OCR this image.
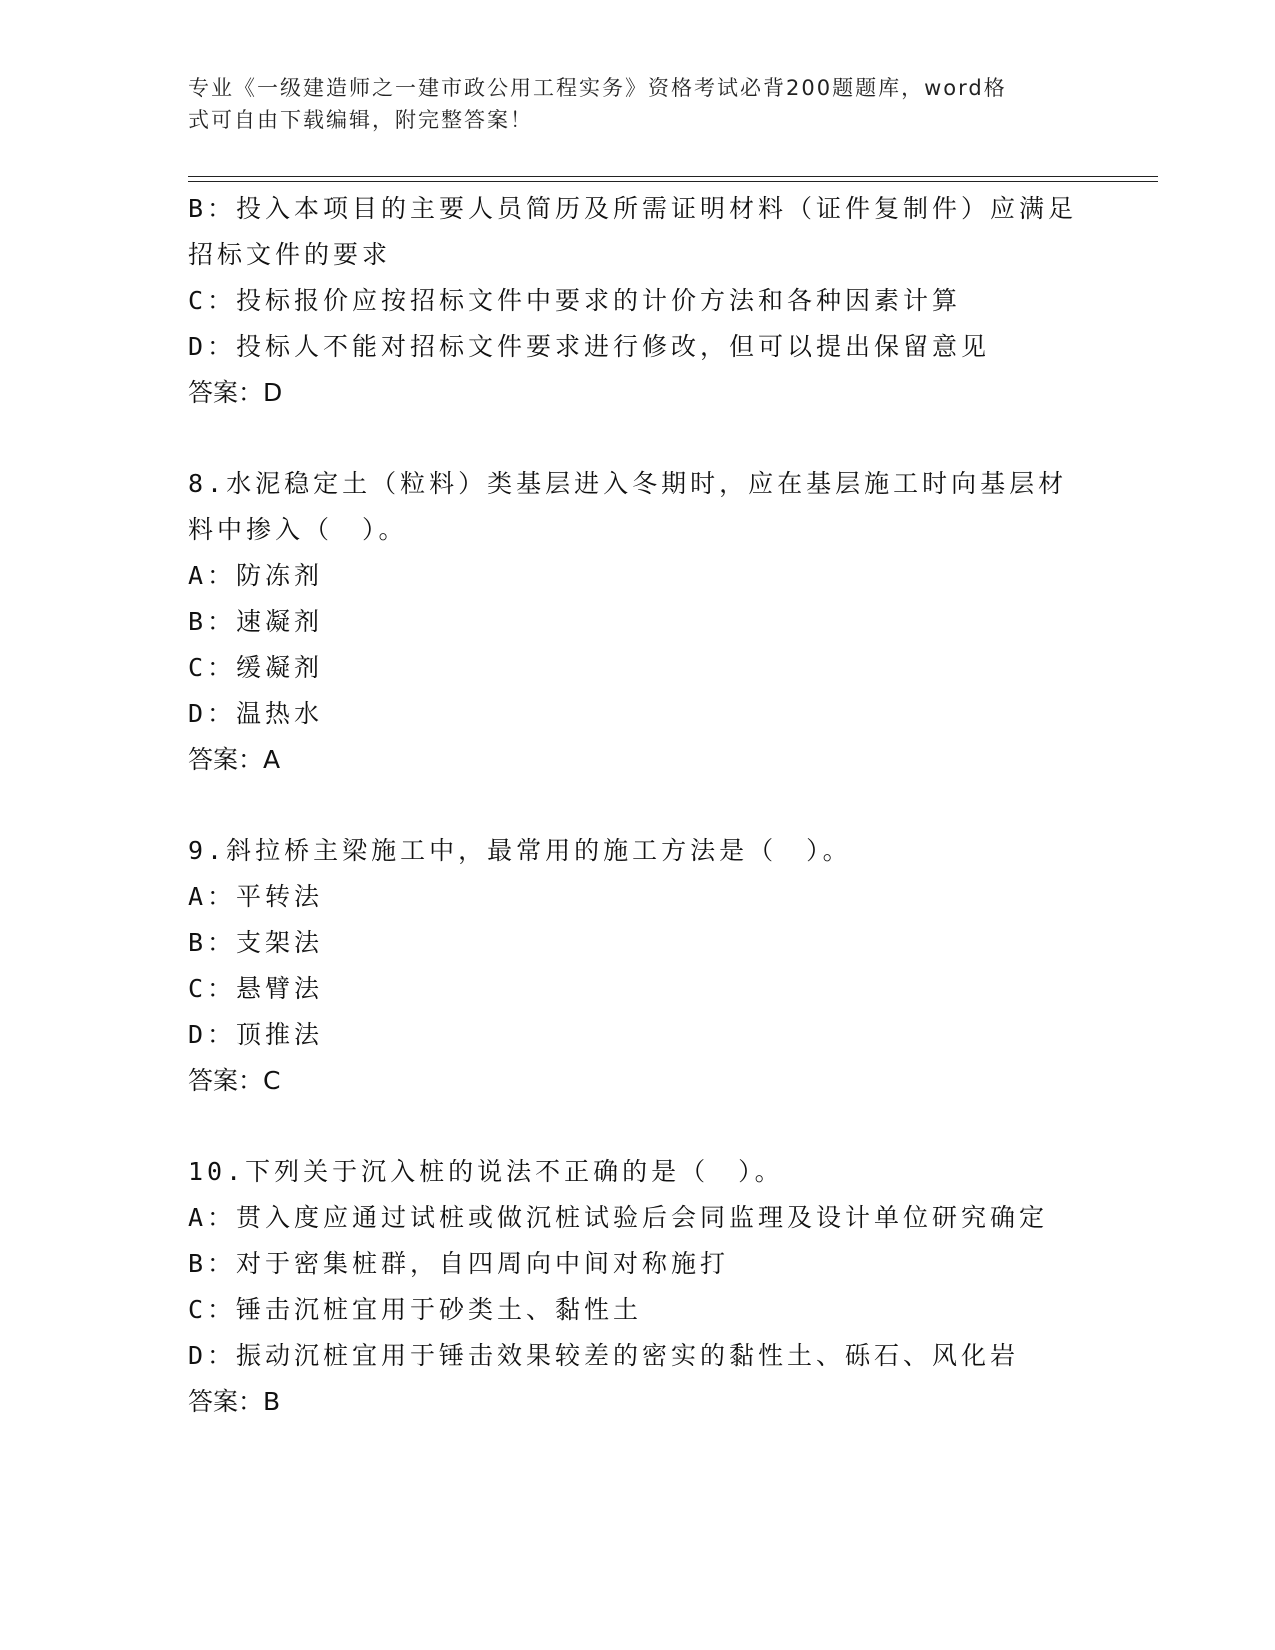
专业《一级建造师之一建市政公用工程实务》资格考试必背200题题库，word格
式可自由下载编辑，附完整答案！
B：投入本项目的主要人员简历及所需证明材料（证件复制件）应满足
招标文件的要求
C：投标报价应按招标文件中要求的计价方法和各种因素计算
D：投标人不能对招标文件要求进行修改，但可以提出保留意见
答案：D
8.水泥稳定土（粒料）类基层进入冬期时，应在基层施工时向基层材
料中掺入（　）。
A：防冻剂
B：速凝剂
C：缓凝剂
D：温热水
答案：A
9.斜拉桥主梁施工中，最常用的施工方法是（　）。
A：平转法
B：支架法
C：悬臂法
D：顶推法
答案：C
10.下列关于沉入桩的说法不正确的是（　）。
A：贯入度应通过试桩或做沉桩试验后会同监理及设计单位研究确定
B：对于密集桩群，自四周向中间对称施打
C：锤击沉桩宜用于砂类土、黏性土
D：振动沉桩宜用于锤击效果较差的密实的黏性土、砾石、风化岩
答案：B
